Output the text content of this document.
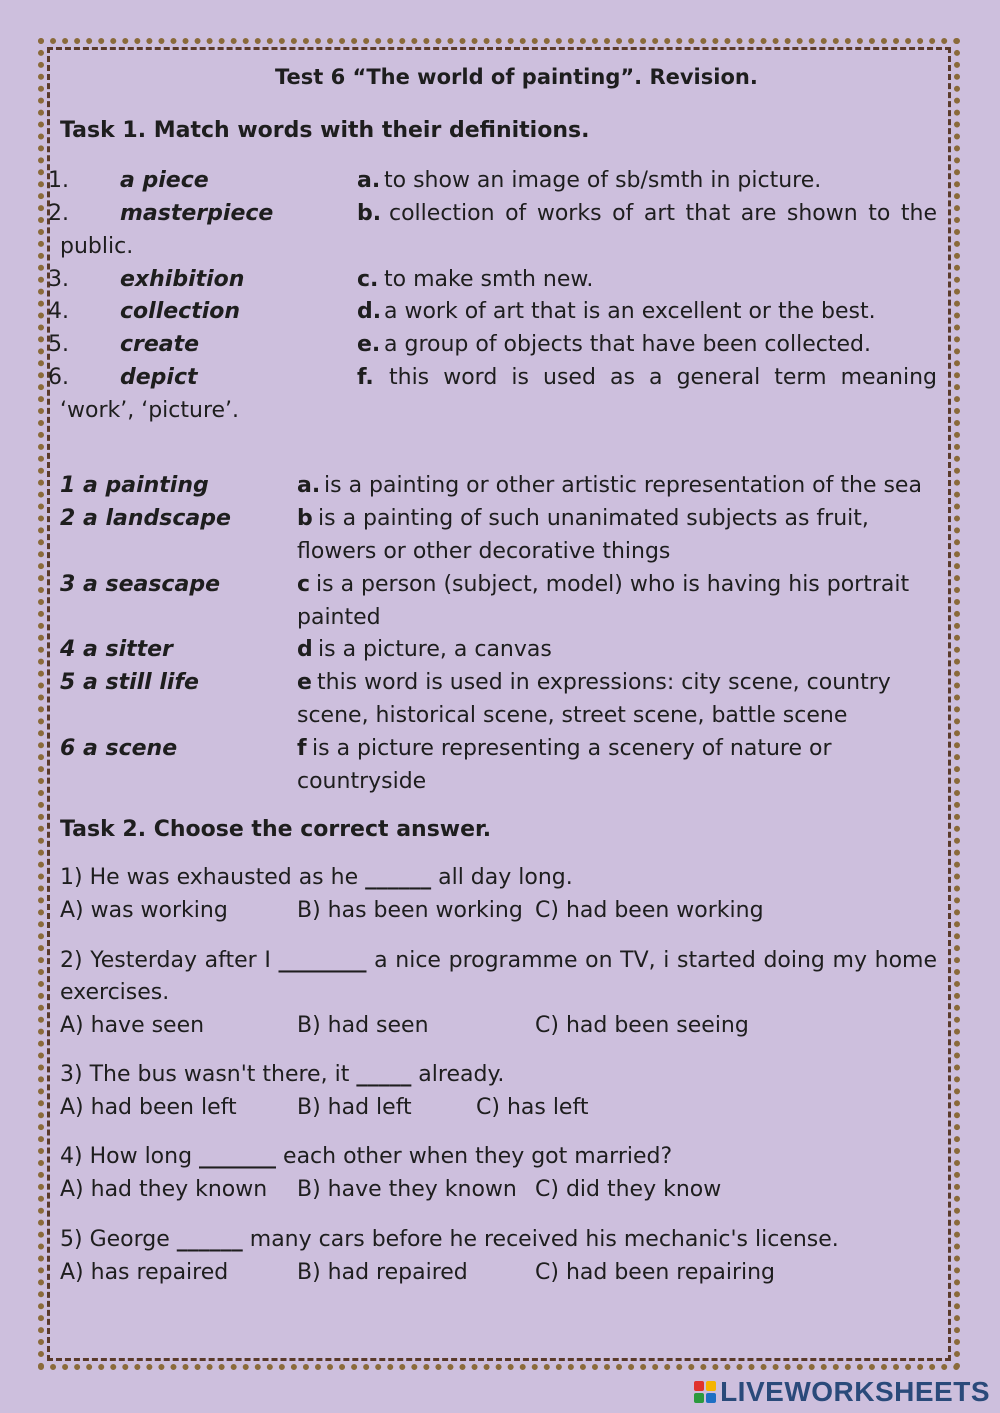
Test 6 “The world of painting”. Revision.
Task 1. Match words with their definitions.
1. a piece	a. to show an image of sb/smth in picture.
2. masterpiece	b. collection of works of art that are shown to the
public.
3. exhibition	c. to make smth new.
4. collection	d. a work of art that is an excellent or the best.
5. create	e. a group of objects that have been collected.
6. depict	f. this word is used as a general term meaning
‘work’, ‘picture’.
1 a painting	a. is a painting or other artistic representation of the sea
2 a landscape	b is a painting of such unanimated subjects as fruit,
flowers or other decorative things
3 a seascape	c is a person (subject, model) who is having his portrait
painted
4 a sitter	d is a picture, a canvas
5 a still life	e this word is used in expressions: city scene, country
scene, historical scene, street scene, battle scene
6 a scene	f is a picture representing a scenery of nature or
countryside
Task 2. Choose the correct answer.
1) He was exhausted as he ______ all day long.
A) was working	B) has been working C) had been working
2) Yesterday after I ________ a nice programme on TV, i started doing my home
exercises.
A) have seen	B) had seen	C) had been seeing
3) The bus wasn't there, it _____ already.
A) had been left	B) had left	C) has left
4) How long _______ each other when they got married?
A) had they known B) have they known C) did they know
5) George ______ many cars before he received his mechanic's license.
A) has repaired	B) had repaired	C) had been repairing
LIVEWORKSHEETS
